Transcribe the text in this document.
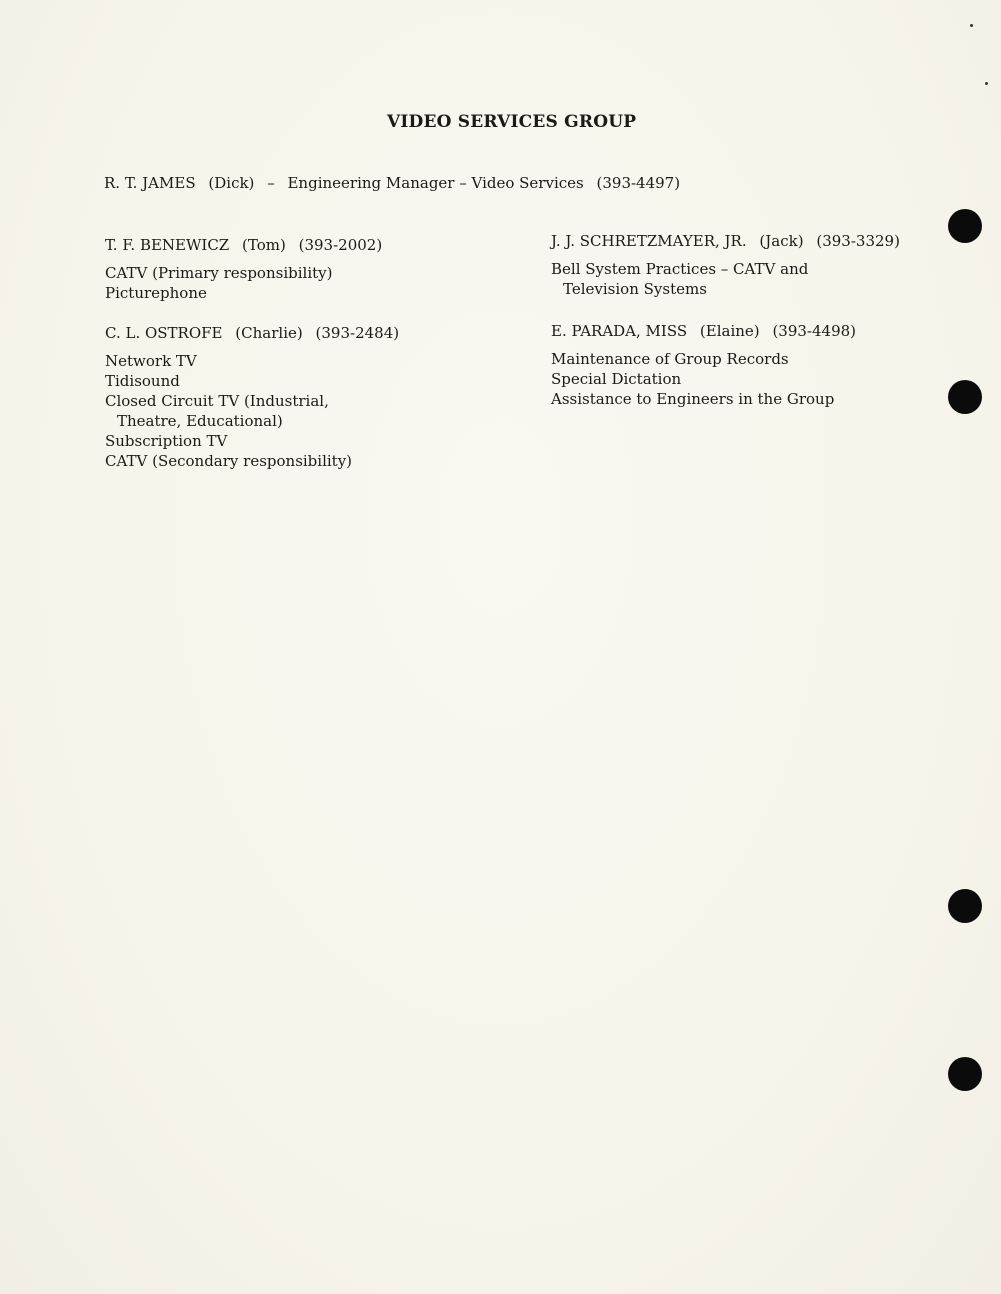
VIDEO SERVICES GROUP
R. T. JAMES (Dick) – Engineering Manager – Video Services (393-4497)
T. F. BENEWICZ (Tom) (393-2002)
CATV (Primary responsibility)
Picturephone
C. L. OSTROFE (Charlie) (393-2484)
Network TV
Tidisound
Closed Circuit TV (Industrial,
Theatre, Educational)
Subscription TV
CATV (Secondary responsibility)
J. J. SCHRETZMAYER, JR. (Jack) (393-3329)
Bell System Practices – CATV and
Television Systems
E. PARADA, MISS (Elaine) (393-4498)
Maintenance of Group Records
Special Dictation
Assistance to Engineers in the Group
